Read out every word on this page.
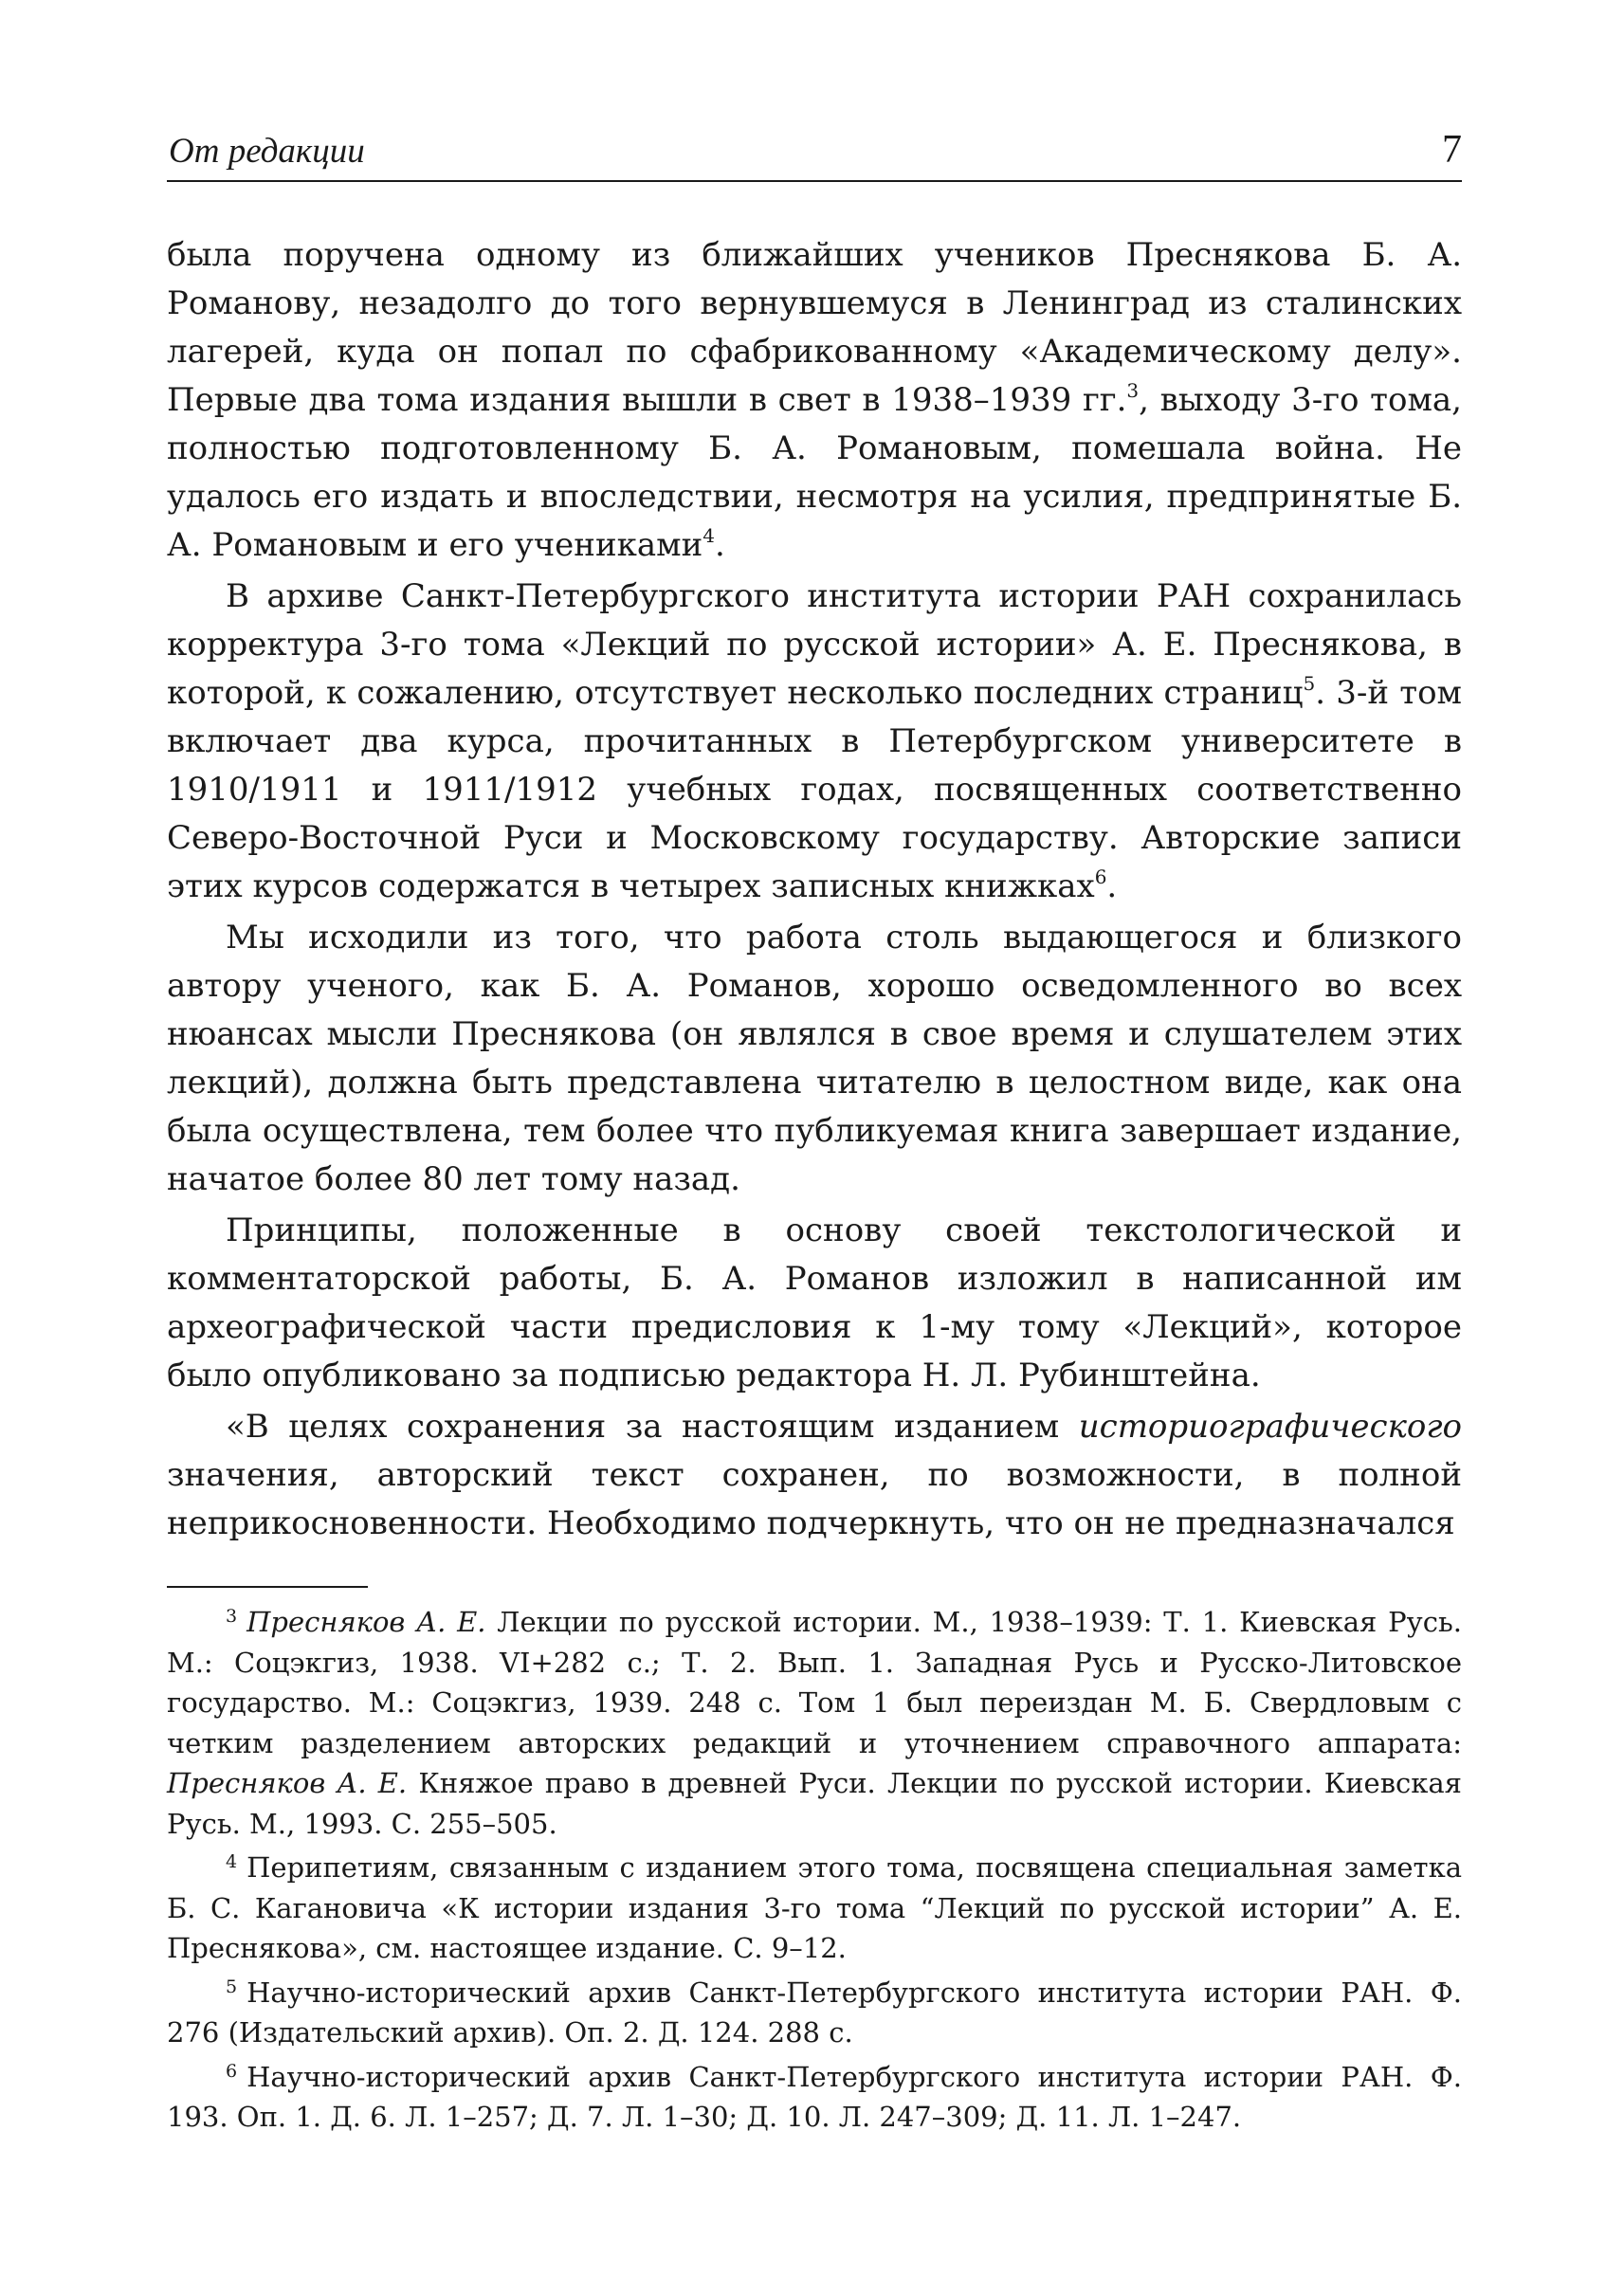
От редакции	7

была поручена одному из ближайших учеников Преснякова Б. А. Романову, незадолго до того вернувшемуся в Ленинград из сталинских лагерей, куда он попал по сфабрикованному «Академическому делу». Первые два тома издания вышли в свет в 1938–1939 гг.$^3$, выходу 3-го тома, полностью подготовленному Б. А. Романовым, помешала война. Не удалось его издать и впоследствии, несмотря на усилия, предпринятые Б. А. Романовым и его учениками$^4$.

В архиве Санкт-Петербургского института истории РАН сохранилась корректура 3-го тома «Лекций по русской истории» А. Е. Преснякова, в которой, к сожалению, отсутствует несколько последних страниц$^5$. 3-й том включает два курса, прочитанных в Петербургском университете в 1910/1911 и 1911/1912 учебных годах, посвященных соответственно Северо-Восточной Руси и Московскому государству. Авторские записи этих курсов содержатся в четырех записных книжках$^6$.

Мы исходили из того, что работа столь выдающегося и близкого автору ученого, как Б. А. Романов, хорошо осведомленного во всех нюансах мысли Преснякова (он являлся в свое время и слушателем этих лекций), должна быть представлена читателю в целостном виде, как она была осуществлена, тем более что публикуемая книга завершает издание, начатое более 80 лет тому назад.

Принципы, положенные в основу своей текстологической и комментаторской работы, Б. А. Романов изложил в написанной им археографической части предисловия к 1-му тому «Лекций», которое было опубликовано за подписью редактора Н. Л. Рубинштейна.

«В целях сохранения за настоящим изданием историографического значения, авторский текст сохранен, по возможности, в полной неприкосновенности. Необходимо подчеркнуть, что он не предназначался

$^3$ Пресняков А. Е. Лекции по русской истории. М., 1938–1939: Т. 1. Киевская Русь. М.: Соцэкгиз, 1938. VI+282 с.; Т. 2. Вып. 1. Западная Русь и Русско-Литовское государство. М.: Соцэкгиз, 1939. 248 с. Том 1 был переиздан М. Б. Свердловым с четким разделением авторских редакций и уточнением справочного аппарата: Пресняков А. Е. Княжое право в древней Руси. Лекции по русской истории. Киевская Русь. М., 1993. С. 255–505.

$^4$ Перипетиям, связанным с изданием этого тома, посвящена специальная заметка Б. С. Кагановича «К истории издания 3-го тома “Лекций по русской истории” А. Е. Преснякова», см. настоящее издание. С. 9–12.

$^5$ Научно-исторический архив Санкт-Петербургского института истории РАН. Ф. 276 (Издательский архив). Оп. 2. Д. 124. 288 с.

$^6$ Научно-исторический архив Санкт-Петербургского института истории РАН. Ф. 193. Оп. 1. Д. 6. Л. 1–257; Д. 7. Л. 1–30; Д. 10. Л. 247–309; Д. 11. Л. 1–247.
